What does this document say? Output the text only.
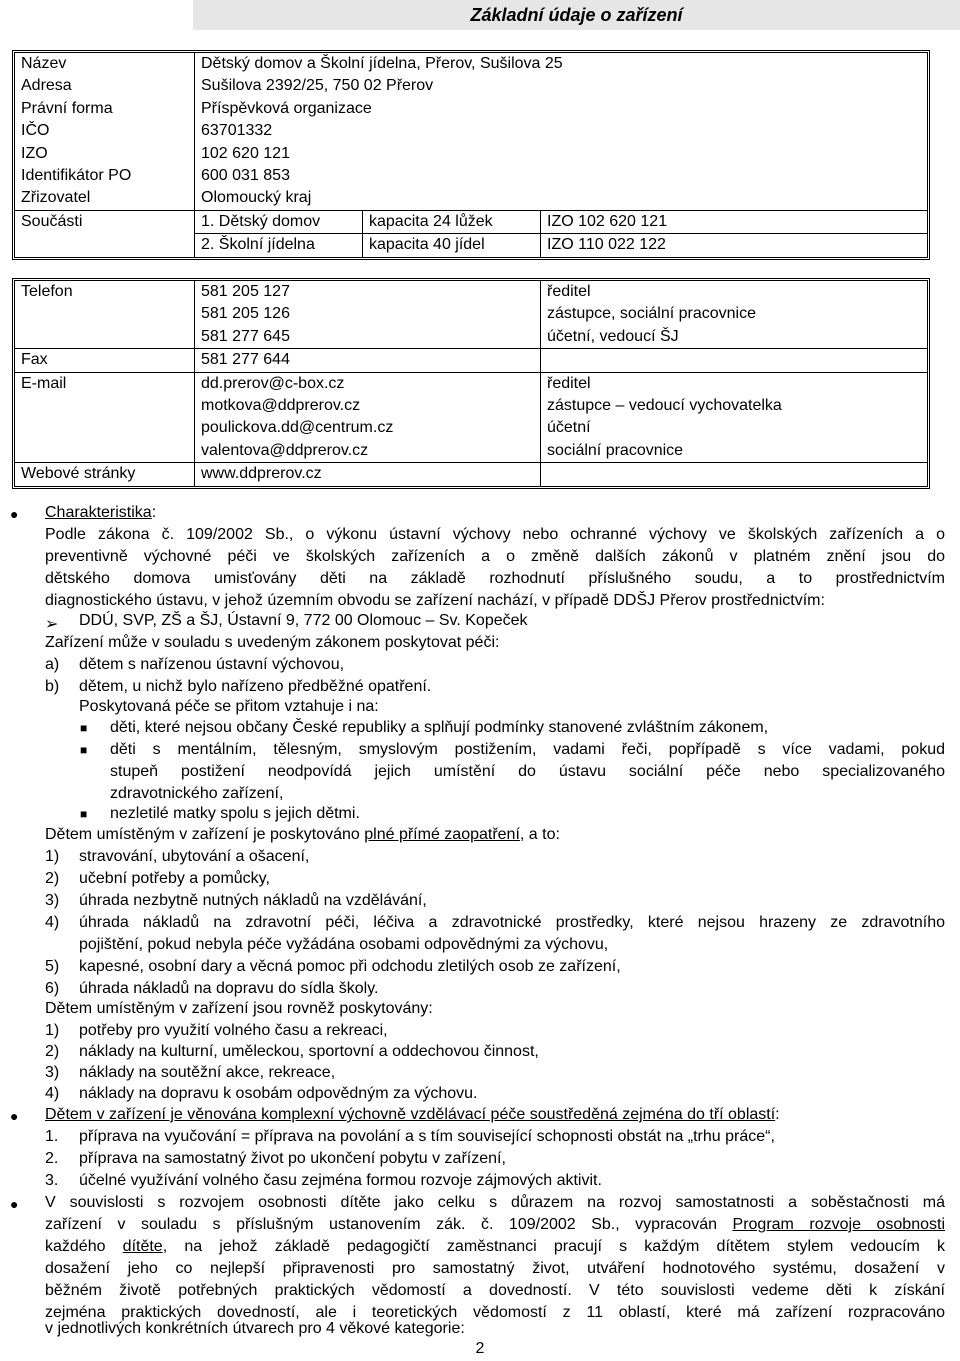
Základní údaje o zařízení
Název	Dětský domov a Školní jídelna, Přerov, Sušilova 25		
Adresa	Sušilova 2392/25, 750 02 Přerov		
Právní forma	Příspěvková organizace		
IČO	63701332		
IZO	102 620 121		
Identifikátor PO	600 031 853		
Zřizovatel	Olomoucký kraj		
Součásti	1. Dětský domov	kapacita 24 lůžek	IZO 102 620 121
	2. Školní jídelna	kapacita 40 jídel	IZO 110 022 122
Telefon	581 205 127	ředitel
	581 205 126	zástupce, sociální pracovnice
	581 277 645	účetní, vedoucí ŠJ
Fax	581 277 644	
E-mail	dd.prerov@c-box.cz	ředitel
	motkova@ddprerov.cz	zástupce – vedoucí vychovatelka
	poulickova.dd@centrum.cz	účetní
	valentova@ddprerov.cz	sociální pracovnice
Webové stránky	www.ddprerov.cz	
● Charakteristika:
Podle zákona č. 109/2002 Sb., o výkonu ústavní výchovy nebo ochranné výchovy ve školských zařízeních a o
preventivně výchovné péči ve školských zařízeních a o změně dalších zákonů v platném znění jsou do
dětského domova umisťovány děti na základě rozhodnutí příslušného soudu, a to prostřednictvím
diagnostického ústavu, v jehož územním obvodu se zařízení nachází, v případě DDŠJ Přerov prostřednictvím:
➢ DDÚ, SVP, ZŠ a ŠJ, Ústavní 9, 772 00 Olomouc – Sv. Kopeček
Zařízení může v souladu s uvedeným zákonem poskytovat péči:
a) dětem s nařízenou ústavní výchovou,
b) dětem, u nichž bylo nařízeno předběžné opatření.
Poskytovaná péče se přitom vztahuje i na:
■ děti, které nejsou občany České republiky a splňují podmínky stanovené zvláštním zákonem,
■ děti s mentálním, tělesným, smyslovým postižením, vadami řeči, popřípadě s více vadami, pokud
stupeň postižení neodpovídá jejich umístění do ústavu sociální péče nebo specializovaného
zdravotnického zařízení,
■ nezletilé matky spolu s jejich dětmi.
Dětem umístěným v zařízení je poskytováno plné přímé zaopatření, a to:
1) stravování, ubytování a ošacení,
2) učební potřeby a pomůcky,
3) úhrada nezbytně nutných nákladů na vzdělávání,
4) úhrada nákladů na zdravotní péči, léčiva a zdravotnické prostředky, které nejsou hrazeny ze zdravotního
pojištění, pokud nebyla péče vyžádána osobami odpovědnými za výchovu,
5) kapesné, osobní dary a věcná pomoc při odchodu zletilých osob ze zařízení,
6) úhrada nákladů na dopravu do sídla školy.
Dětem umístěným v zařízení jsou rovněž poskytovány:
1) potřeby pro využití volného času a rekreaci,
2) náklady na kulturní, uměleckou, sportovní a oddechovou činnost,
3) náklady na soutěžní akce, rekreace,
4) náklady na dopravu k osobám odpovědným za výchovu.
● Dětem v zařízení je věnována komplexní výchovně vzdělávací péče soustředěná zejména do tří oblastí:
1. příprava na vyučování = příprava na povolání a s tím související schopnosti obstát na „trhu práce“,
2. příprava na samostatný život po ukončení pobytu v zařízení,
3. účelné využívání volného času zejména formou rozvoje zájmových aktivit.
● V souvislosti s rozvojem osobnosti dítěte jako celku s důrazem na rozvoj samostatnosti a soběstačnosti má
zařízení v souladu s příslušným ustanovením zák. č. 109/2002 Sb., vypracován Program rozvoje osobnosti
každého dítěte, na jehož základě pedagogičtí zaměstnanci pracují s každým dítětem stylem vedoucím k
dosažení jeho co nejlepší připravenosti pro samostatný život, utváření hodnotového systému, dosažení v
běžném životě potřebných praktických vědomostí a dovedností. V této souvislosti vedeme děti k získání
zejména praktických dovedností, ale i teoretických vědomostí z 11 oblastí, které má zařízení rozpracováno
v jednotlivých konkrétních útvarech pro 4 věkové kategorie:
2
